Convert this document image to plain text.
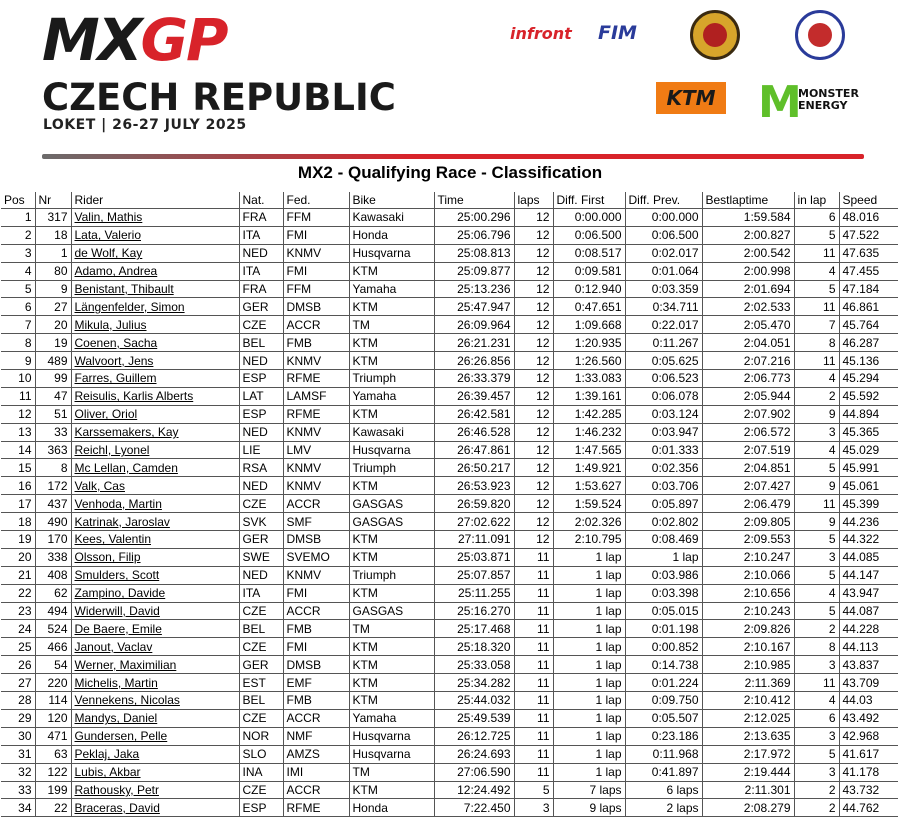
MXGP
CZECH REPUBLIC
LOKET | 26-27 JULY 2025
infront FIM
KTM M
MONSTER
ENERGY
MX2 - Qualifying Race - Classification
Pos	Nr	Rider	Nat.	Fed.	Bike	Time	laps	Diff. First	Diff. Prev.	Bestlaptime	in lap	Speed
1	317	Valin, Mathis	FRA	FFM	Kawasaki	25:00.296	12	0:00.000	0:00.000	1:59.584	6	48.016
2	18	Lata, Valerio	ITA	FMI	Honda	25:06.796	12	0:06.500	0:06.500	2:00.827	5	47.522
3	1	de Wolf, Kay	NED	KNMV	Husqvarna	25:08.813	12	0:08.517	0:02.017	2:00.542	11	47.635
4	80	Adamo, Andrea	ITA	FMI	KTM	25:09.877	12	0:09.581	0:01.064	2:00.998	4	47.455
5	9	Benistant, Thibault	FRA	FFM	Yamaha	25:13.236	12	0:12.940	0:03.359	2:01.694	5	47.184
6	27	Längenfelder, Simon	GER	DMSB	KTM	25:47.947	12	0:47.651	0:34.711	2:02.533	11	46.861
7	20	Mikula, Julius	CZE	ACCR	TM	26:09.964	12	1:09.668	0:22.017	2:05.470	7	45.764
8	19	Coenen, Sacha	BEL	FMB	KTM	26:21.231	12	1:20.935	0:11.267	2:04.051	8	46.287
9	489	Walvoort, Jens	NED	KNMV	KTM	26:26.856	12	1:26.560	0:05.625	2:07.216	11	45.136
10	99	Farres, Guillem	ESP	RFME	Triumph	26:33.379	12	1:33.083	0:06.523	2:06.773	4	45.294
11	47	Reisulis, Karlis Alberts	LAT	LAMSF	Yamaha	26:39.457	12	1:39.161	0:06.078	2:05.944	2	45.592
12	51	Oliver, Oriol	ESP	RFME	KTM	26:42.581	12	1:42.285	0:03.124	2:07.902	9	44.894
13	33	Karssemakers, Kay	NED	KNMV	Kawasaki	26:46.528	12	1:46.232	0:03.947	2:06.572	3	45.365
14	363	Reichl, Lyonel	LIE	LMV	Husqvarna	26:47.861	12	1:47.565	0:01.333	2:07.519	4	45.029
15	8	Mc Lellan, Camden	RSA	KNMV	Triumph	26:50.217	12	1:49.921	0:02.356	2:04.851	5	45.991
16	172	Valk, Cas	NED	KNMV	KTM	26:53.923	12	1:53.627	0:03.706	2:07.427	9	45.061
17	437	Venhoda, Martin	CZE	ACCR	GASGAS	26:59.820	12	1:59.524	0:05.897	2:06.479	11	45.399
18	490	Katrinak, Jaroslav	SVK	SMF	GASGAS	27:02.622	12	2:02.326	0:02.802	2:09.805	9	44.236
19	170	Kees, Valentin	GER	DMSB	KTM	27:11.091	12	2:10.795	0:08.469	2:09.553	5	44.322
20	338	Olsson, Filip	SWE	SVEMO	KTM	25:03.871	11	1 lap	1 lap	2:10.247	3	44.085
21	408	Smulders, Scott	NED	KNMV	Triumph	25:07.857	11	1 lap	0:03.986	2:10.066	5	44.147
22	62	Zampino, Davide	ITA	FMI	KTM	25:11.255	11	1 lap	0:03.398	2:10.656	4	43.947
23	494	Widerwill, David	CZE	ACCR	GASGAS	25:16.270	11	1 lap	0:05.015	2:10.243	5	44.087
24	524	De Baere, Emile	BEL	FMB	TM	25:17.468	11	1 lap	0:01.198	2:09.826	2	44.228
25	466	Janout, Vaclav	CZE	FMI	KTM	25:18.320	11	1 lap	0:00.852	2:10.167	8	44.113
26	54	Werner, Maximilian	GER	DMSB	KTM	25:33.058	11	1 lap	0:14.738	2:10.985	3	43.837
27	220	Michelis, Martin	EST	EMF	KTM	25:34.282	11	1 lap	0:01.224	2:11.369	11	43.709
28	114	Vennekens, Nicolas	BEL	FMB	KTM	25:44.032	11	1 lap	0:09.750	2:10.412	4	44.03
29	120	Mandys, Daniel	CZE	ACCR	Yamaha	25:49.539	11	1 lap	0:05.507	2:12.025	6	43.492
30	471	Gundersen, Pelle	NOR	NMF	Husqvarna	26:12.725	11	1 lap	0:23.186	2:13.635	3	42.968
31	63	Peklaj, Jaka	SLO	AMZS	Husqvarna	26:24.693	11	1 lap	0:11.968	2:17.972	5	41.617
32	122	Lubis, Akbar	INA	IMI	TM	27:06.590	11	1 lap	0:41.897	2:19.444	3	41.178
33	199	Rathousky, Petr	CZE	ACCR	KTM	12:24.492	5	7 laps	6 laps	2:11.301	2	43.732
34	22	Braceras, David	ESP	RFME	Honda	7:22.450	3	9 laps	2 laps	2:08.279	2	44.762
